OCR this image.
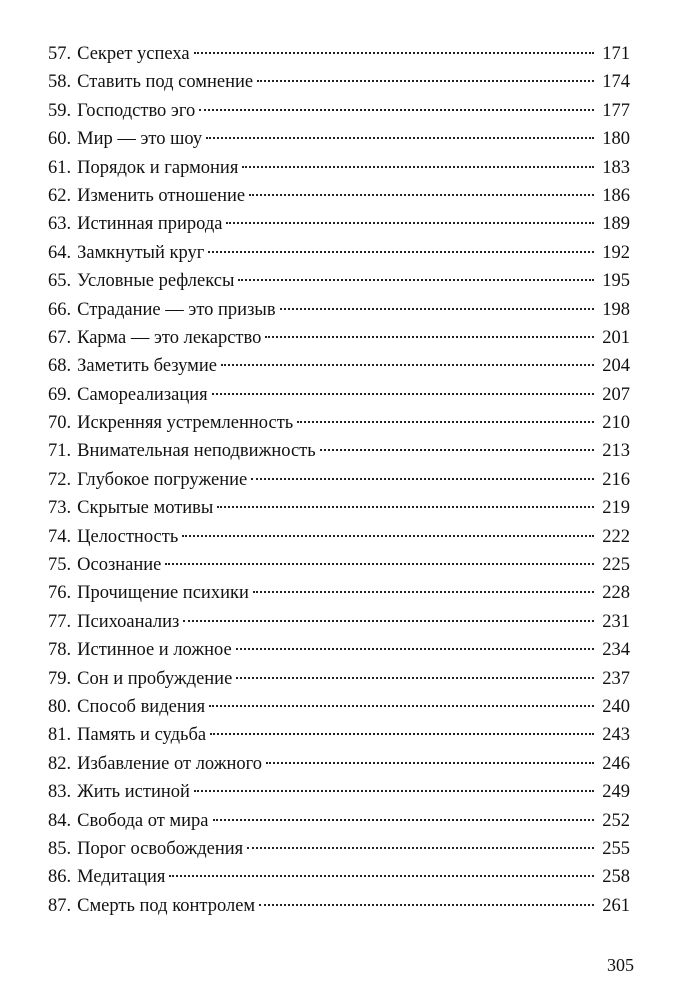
57. Секрет успеха	171
58. Ставить под сомнение	174
59. Господство эго	177
60. Мир — это шоу	180
61. Порядок и гармония	183
62. Изменить отношение	186
63. Истинная природа	189
64. Замкнутый круг	192
65. Условные рефлексы	195
66. Страдание — это призыв	198
67. Карма — это лекарство	201
68. Заметить безумие	204
69. Самореализация	207
70. Искренняя устремленность	210
71. Внимательная неподвижность	213
72. Глубокое погружение	216
73. Скрытые мотивы	219
74. Целостность	222
75. Осознание	225
76. Прочищение психики	228
77. Психоанализ	231
78. Истинное и ложное	234
79. Сон и пробуждение	237
80. Способ видения	240
81. Память и судьба	243
82. Избавление от ложного	246
83. Жить истиной	249
84. Свобода от мира	252
85. Порог освобождения	255
86. Медитация	258
87. Смерть под контролем	261
305
